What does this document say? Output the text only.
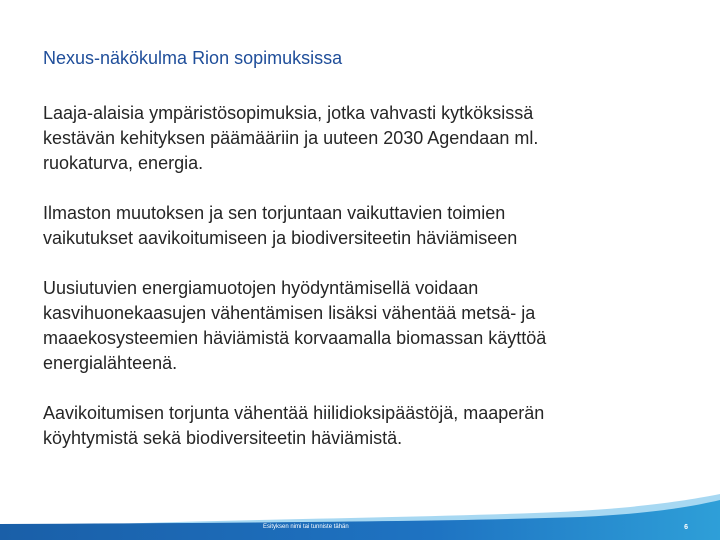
Nexus-näkökulma Rion sopimuksissa

Laaja-alaisia ympäristösopimuksia, jotka vahvasti kytköksissä
kestävän kehityksen päämääriin ja uuteen 2030 Agendaan ml.
ruokaturva, energia.

Ilmaston muutoksen ja sen torjuntaan vaikuttavien toimien
vaikutukset aavikoitumiseen ja biodiversiteetin häviämiseen

Uusiutuvien energiamuotojen hyödyntämisellä voidaan
kasvihuonekaasujen vähentämisen lisäksi vähentää metsä- ja
maaekosysteemien häviämistä korvaamalla biomassan käyttöä
energialähteenä.

Aavikoitumisen torjunta vähentää hiilidioksipäästöjä, maaperän
köyhtymistä sekä biodiversiteetin häviämistä.

Esityksen nimi tai tunniste tähän	6
